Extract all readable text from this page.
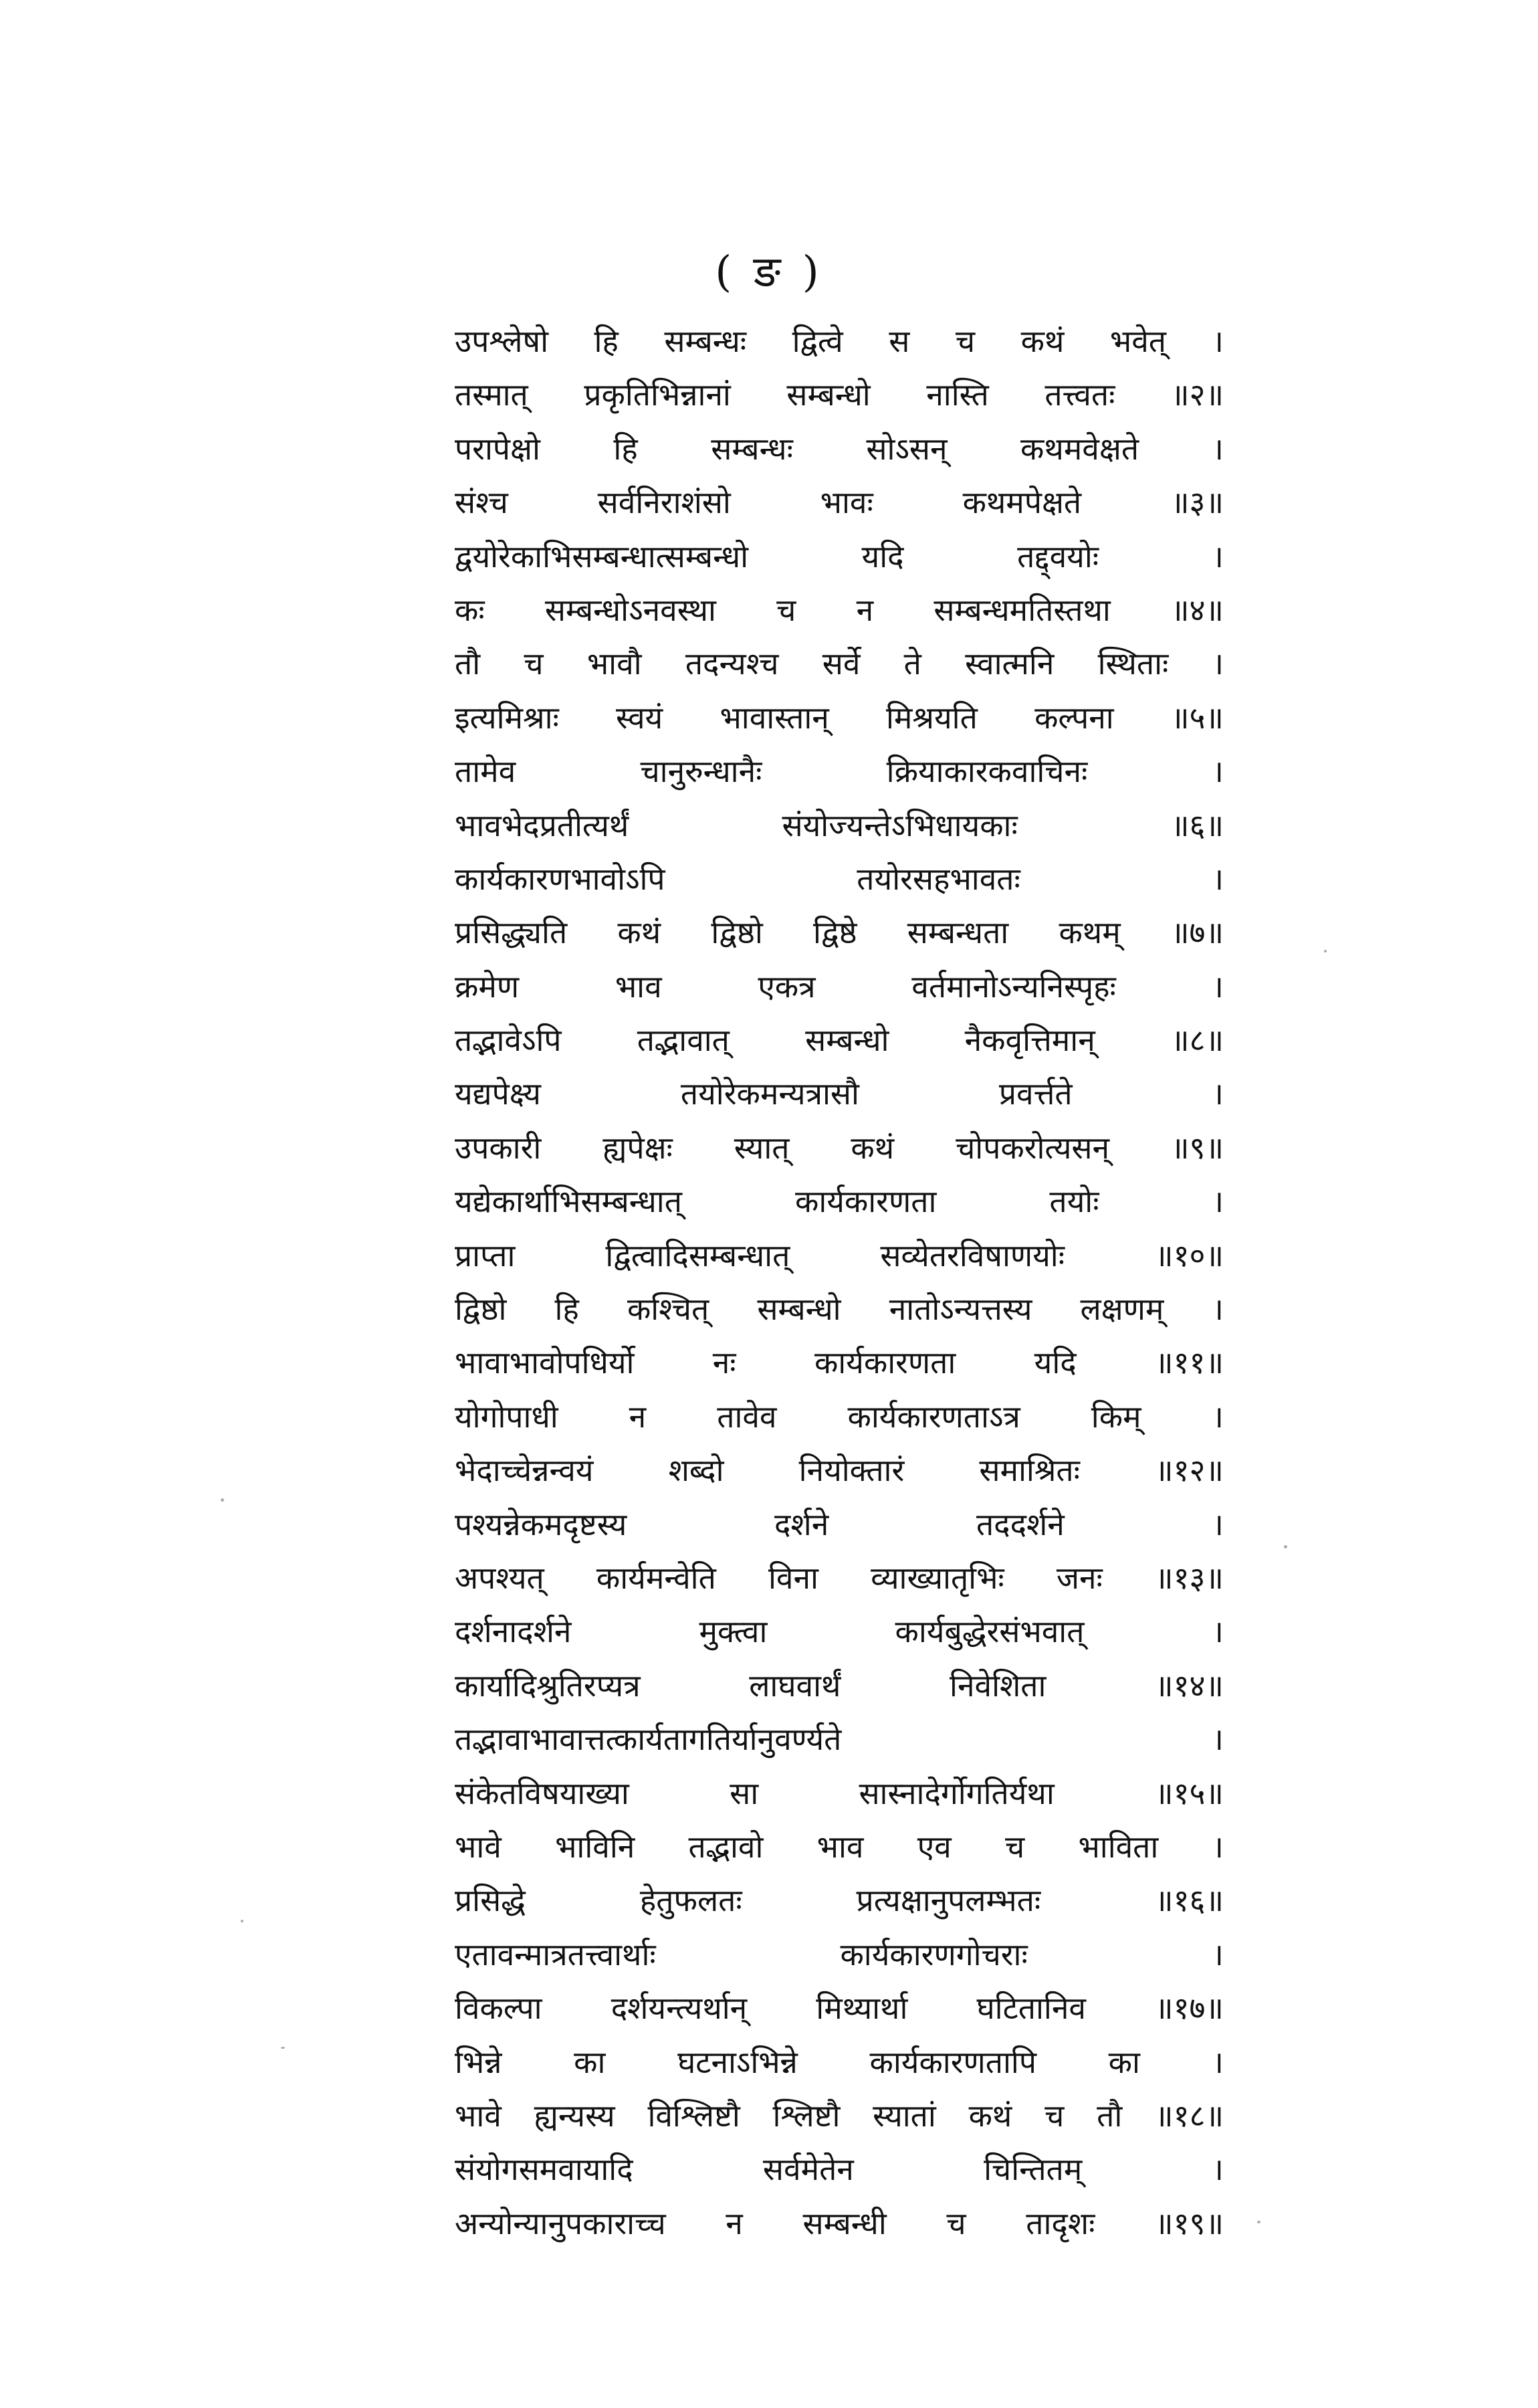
( ङ )
उपश्लेषो हि सम्बन्धः द्वित्वे स च कथं भवेत् ।
तस्मात् प्रकृतिभिन्नानां सम्बन्धो नास्ति तत्त्वतः ॥२॥
परापेक्षो हि सम्बन्धः सोऽसन् कथमवेक्षते ।
संश्च सर्वनिराशंसो भावः कथमपेक्षते ॥३॥
द्वयोरेकाभिसम्बन्धात्सम्बन्धो यदि तद्द्वयोः ।
कः सम्बन्धोऽनवस्था च न सम्बन्धमतिस्तथा ॥४॥
तौ च भावौ तदन्यश्च सर्वे ते स्वात्मनि स्थिताः ।
इत्यमिश्राः स्वयं भावास्तान् मिश्रयति कल्पना ॥५॥
तामेव चानुरुन्धानैः क्रियाकारकवाचिनः ।
भावभेदप्रतीत्यर्थं संयोज्यन्तेऽभिधायकाः ॥६॥
कार्यकारणभावोऽपि तयोरसहभावतः ।
प्रसिद्ध्यति कथं द्विष्ठो द्विष्ठे सम्बन्धता कथम् ॥७॥
क्रमेण भाव एकत्र वर्तमानोऽन्यनिस्पृहः ।
तद्भावेऽपि तद्भावात् सम्बन्धो नैकवृत्तिमान् ॥८॥
यद्यपेक्ष्य तयोरेकमन्यत्रासौ प्रवर्त्तते ।
उपकारी ह्यपेक्षः स्यात् कथं चोपकरोत्यसन् ॥९॥
यद्येकार्थाभिसम्बन्धात् कार्यकारणता तयोः ।
प्राप्ता द्वित्वादिसम्बन्धात् सव्येतरविषाणयोः ॥१०॥
द्विष्ठो हि कश्चित् सम्बन्धो नातोऽन्यत्तस्य लक्षणम् ।
भावाभावोपधिर्यो नः कार्यकारणता यदि ॥११॥
योगोपाधी न तावेव कार्यकारणताऽत्र किम् ।
भेदाच्चेन्नन्वयं शब्दो नियोक्तारं समाश्रितः ॥१२॥
पश्यन्नेकमदृष्टस्य दर्शने तददर्शने ।
अपश्यत् कार्यमन्वेति विना व्याख्यातृभिः जनः ॥१३॥
दर्शनादर्शने मुक्त्वा कार्यबुद्धेरसंभवात् ।
कार्यादिश्रुतिरप्यत्र लाघवार्थं निवेशिता ॥१४॥
तद्भावाभावात्तत्कार्यतागतिर्यानुवर्ण्यते ।
संकेतविषयाख्या सा सास्नादेर्गोगतिर्यथा ॥१५॥
भावे भाविनि तद्भावो भाव एव च भाविता ।
प्रसिद्धे हेतुफलतः प्रत्यक्षानुपलम्भतः ॥१६॥
एतावन्मात्रतत्त्वार्थाः कार्यकारणगोचराः ।
विकल्पा दर्शयन्त्यर्थान् मिथ्यार्था घटितानिव ॥१७॥
भिन्ने का घटनाऽभिन्ने कार्यकारणतापि का ।
भावे ह्यन्यस्य विश्लिष्टौ श्लिष्टौ स्यातां कथं च तौ ॥१८॥
संयोगसमवायादि सर्वमेतेन चिन्तितम् ।
अन्योन्यानुपकाराच्च न सम्बन्धी च तादृशः ॥१९॥
